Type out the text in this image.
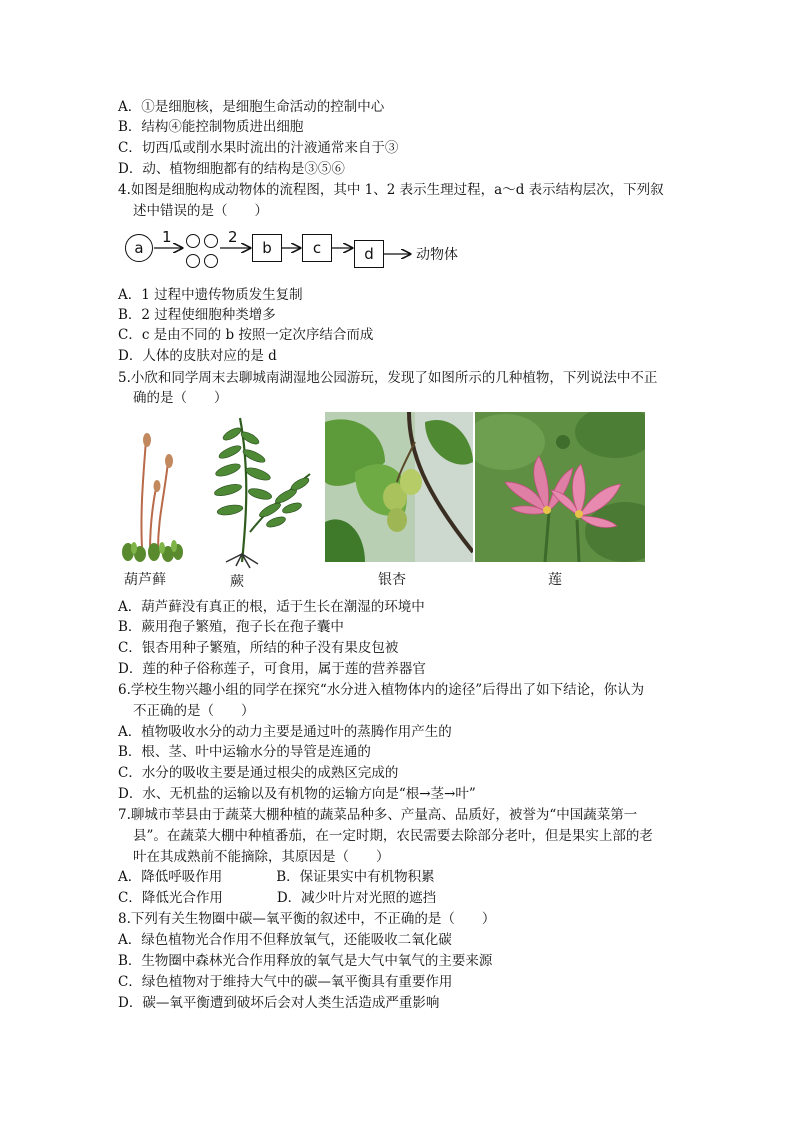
A．①是细胞核，是细胞生命活动的控制中心
B．结构④能控制物质进出细胞
C．切西瓜或削水果时流出的汁液通常来自于③
D．动、植物细胞都有的结构是③⑤⑥
4.如图是细胞构成动物体的流程图，其中 1、2 表示生理过程，a～d 表示结构层次，下列叙
述中错误的是（　　）
a
1	2
b	c	d	动物体
A．1 过程中遗传物质发生复制
B．2 过程使细胞种类增多
C．c 是由不同的 b 按照一定次序结合而成
D．人体的皮肤对应的是 d
5.小欣和同学周末去聊城南湖湿地公园游玩，发现了如图所示的几种植物，下列说法中不正
确的是（　　）
葫芦藓	蕨	银杏	莲
A．葫芦藓没有真正的根，适于生长在潮湿的环境中
B．蕨用孢子繁殖，孢子长在孢子囊中
C．银杏用种子繁殖，所结的种子没有果皮包被
D．莲的种子俗称莲子，可食用，属于莲的营养器官
6.学校生物兴趣小组的同学在探究“水分进入植物体内的途径”后得出了如下结论，你认为
不正确的是（　　）
A．植物吸收水分的动力主要是通过叶的蒸腾作用产生的
B．根、茎、叶中运输水分的导管是连通的
C．水分的吸收主要是通过根尖的成熟区完成的
D．水、无机盐的运输以及有机物的运输方向是“根→茎→叶”
7.聊城市莘县由于蔬菜大棚种植的蔬菜品种多、产量高、品质好，被誉为“中国蔬菜第一
县”。在蔬菜大棚中种植番茄，在一定时期，农民需要去除部分老叶，但是果实上部的老
叶在其成熟前不能摘除，其原因是（　　）
A．降低呼吸作用　　　　B．保证果实中有机物积累
C．降低光合作用　　　　D．减少叶片对光照的遮挡
8.下列有关生物圈中碳—氧平衡的叙述中，不正确的是（　　）
A．绿色植物光合作用不但释放氧气，还能吸收二氧化碳
B．生物圈中森林光合作用释放的氧气是大气中氧气的主要来源
C．绿色植物对于维持大气中的碳—氧平衡具有重要作用
D．碳—氧平衡遭到破坏后会对人类生活造成严重影响
